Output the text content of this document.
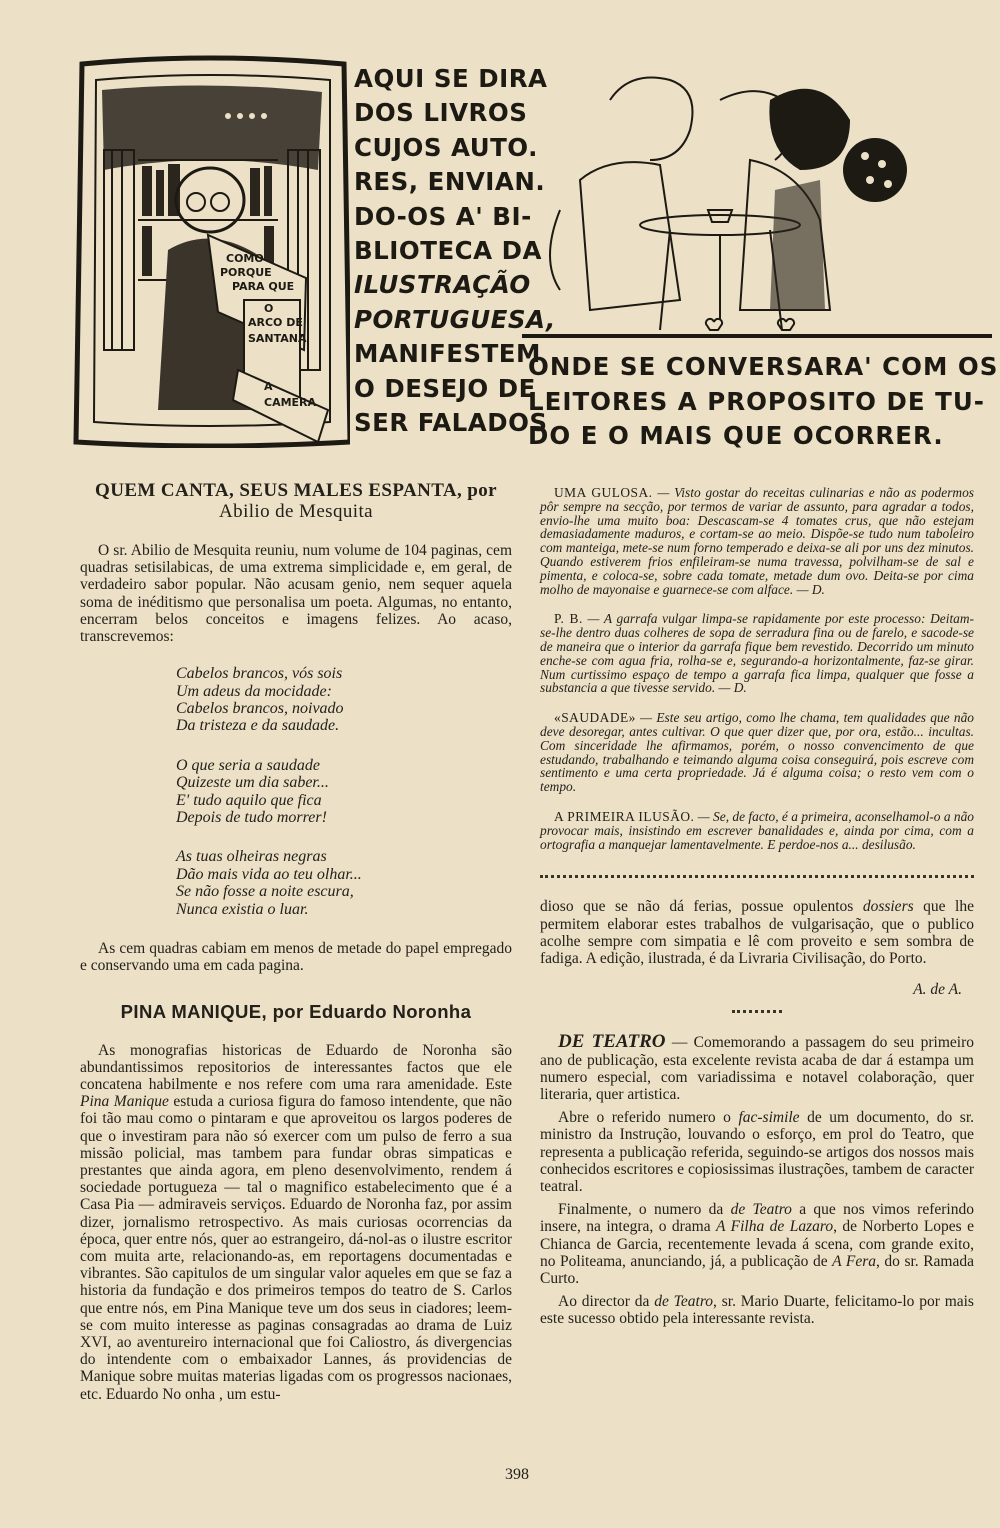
COMO
PORQUE
PARA QUE
O
ARCO DE
SANTANA
A
CAMERA
AQUI SE DIRA
DOS LIVROS
CUJOS AUTO.
RES, ENVIAN.
DO-OS A' BI-
BLIOTECA DA
ILUSTRAÇÃO
PORTUGUESA,
MANIFESTEM
O DESEJO DE
SER FALADOS
ONDE SE CONVERSARA' COM OS
LEITORES A PROPOSITO DE TU-
DO E O MAIS QUE OCORRER.
QUEM CANTA, SEUS MALES ESPANTA, por
Abilio de Mesquita

O sr. Abilio de Mesquita reuniu, num volume de 104 paginas, cem quadras setisilabicas, de uma extrema simplicidade e, em geral, de verdadeiro sabor popular. Não acusam genio, nem sequer aquela soma de inéditismo que personalisa um poeta. Algumas, no entanto, encerram belos conceitos e imagens felizes. Ao acaso, transcrevemos:

Cabelos brancos, vós sois
Um adeus da mocidade:
Cabelos brancos, noivado
Da tristeza e da saudade.
O que seria a saudade
Quizeste um dia saber...
E' tudo aquilo que fica
Depois de tudo morrer!
As tuas olheiras negras
Dão mais vida ao teu olhar...
Se não fosse a noite escura,
Nunca existia o luar.

As cem quadras cabiam em menos de metade do papel empregado e conservando uma em cada pagina.

PINA MANIQUE, por Eduardo Noronha

As monografias historicas de Eduardo de Noronha são abundantissimos repositorios de interessantes factos que ele concatena habilmente e nos refere com uma rara amenidade. Este Pina Manique estuda a curiosa figura do famoso intendente, que não foi tão mau como o pintaram e que aproveitou os largos poderes de que o investiram para não só exercer com um pulso de ferro a sua missão policial, mas tambem para fundar obras simpaticas e prestantes que ainda agora, em pleno desenvolvimento, rendem á sociedade portugueza — tal o magnifico estabelecimento que é a Casa Pia — admiraveis serviços. Eduardo de Noronha faz, por assim dizer, jornalismo retrospectivo. As mais curiosas ocorrencias da época, quer entre nós, quer ao estrangeiro, dá-nol-as o ilustre escritor com muita arte, relacionando-as, em reportagens documentadas e vibrantes. São capitulos de um singular valor aqueles em que se faz a historia da fundação e dos primeiros tempos do teatro de S. Carlos que entre nós, em Pina Manique teve um dos seus in ciadores; leem-se com muito interesse as paginas consagradas ao drama de Luiz XVI, ao aventureiro internacional que foi Caliostro, ás divergencias do intendente com o embaixador Lannes, ás providencias de Manique sobre muitas materias ligadas com os progressos nacionaes, etc. Eduardo No onha , um estu-

UMA GULOSA. — Visto gostar do receitas culinarias e não as podermos pôr sempre na secção, por termos de variar de assunto, para agradar a todos, envio-lhe uma muito boa: Descascam-se 4 tomates crus, que não estejam demasiadamente maduros, e cortam-se ao meio. Dispõe-se tudo num taboleiro com manteiga, mete-se num forno temperado e deixa-se ali por uns dez minutos. Quando estiverem frios enfileiram-se numa travessa, polvilham-se de sal e pimenta, e coloca-se, sobre cada tomate, metade dum ovo. Deita-se por cima molho de mayonaise e guarnece-se com alface. — D.

P. B. — A garrafa vulgar limpa-se rapidamente por este processo: Deitam-se-lhe dentro duas colheres de sopa de serradura fina ou de farelo, e sacode-se de maneira que o interior da garrafa fique bem revestido. Decorrido um minuto enche-se com agua fria, rolha-se e, segurando-a horizontalmente, faz-se girar. Num curtissimo espaço de tempo a garrafa fica limpa, qualquer que fosse a substancia a que tivesse servido. — D.

«SAUDADE» — Este seu artigo, como lhe chama, tem qualidades que não deve desoregar, antes cultivar. O que quer dizer que, por ora, estão... incultas. Com sinceridade lhe afirmamos, porém, o nosso convencimento de que estudando, trabalhando e teimando alguma coisa conseguirá, pois escreve com sentimento e uma certa propriedade. Já é alguma coisa; o resto vem com o tempo.

A PRIMEIRA ILUSÃO. — Se, de facto, é a primeira, aconselhamol-o a não provocar mais, insistindo em escrever banalidades e, ainda por cima, com a ortografia a manquejar lamentavelmente. E perdoe-nos a... desilusão.

dioso que se não dá ferias, possue opulentos dossiers que lhe permitem elaborar estes trabalhos de vulgarisação, que o publico acolhe sempre com simpatia e lê com proveito e sem sombra de fadiga. A edição, ilustrada, é da Livraria Civilisação, do Porto.

A. de A.

DE TEATRO — Comemorando a passagem do seu primeiro ano de publicação, esta excelente revista acaba de dar á estampa um numero especial, com variadissima e notavel colaboração, quer literaria, quer artistica.

Abre o referido numero o fac-simile de um documento, do sr. ministro da Instrução, louvando o esforço, em prol do Teatro, que representa a publicação referida, seguindo-se artigos dos nossos mais conhecidos escritores e copiosissimas ilustrações, tambem de caracter teatral.

Finalmente, o numero da de Teatro a que nos vimos referindo insere, na integra, o drama A Filha de Lazaro, de Norberto Lopes e Chianca de Garcia, recentemente levada á scena, com grande exito, no Politeama, anunciando, já, a publicação de A Fera, do sr. Ramada Curto.

Ao director da de Teatro, sr. Mario Duarte, felicitamo-lo por mais este sucesso obtido pela interessante revista.

398
